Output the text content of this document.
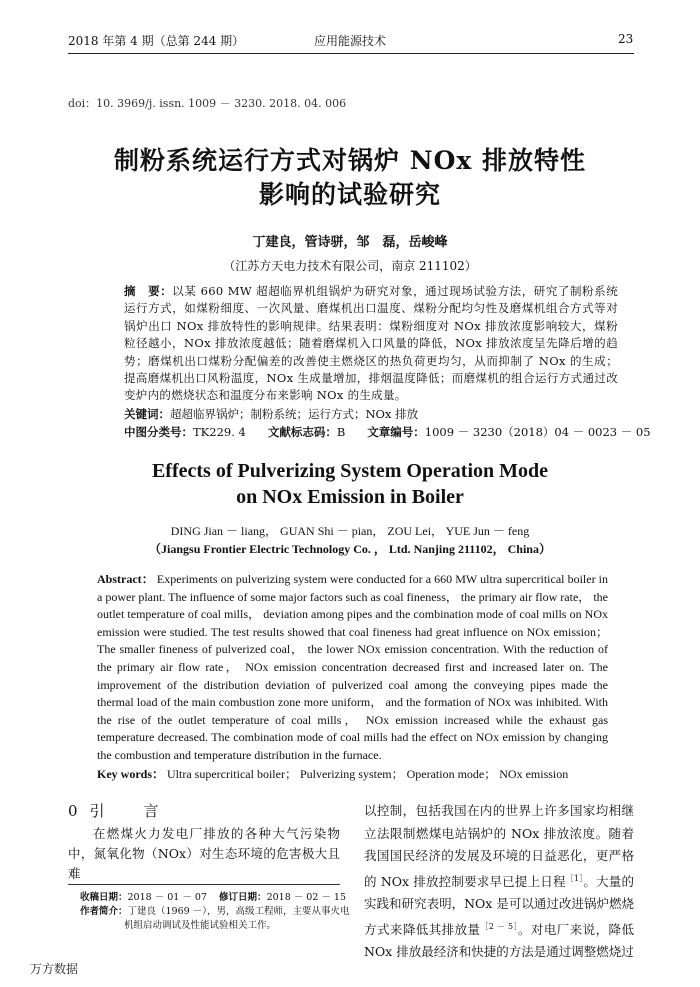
2018 年第 4 期（总第 244 期）	应用能源技术	23
doi：10. 3969/j. issn. 1009 － 3230. 2018. 04. 006
制粉系统运行方式对锅炉 NOx 排放特性
影响的试验研究
丁建良，管诗骈，邹　磊，岳峻峰
（江苏方天电力技术有限公司，南京 211102）
摘　要：以某 660 MW 超超临界机组锅炉为研究对象，通过现场试验方法，研究了制粉系统运行方式，如煤粉细度、一次风量、磨煤机出口温度、煤粉分配均匀性及磨煤机组合方式等对锅炉出口 NOx 排放特性的影响规律。结果表明：煤粉细度对 NOx 排放浓度影响较大，煤粉粒径越小，NOx 排放浓度越低；随着磨煤机入口风量的降低，NOx 排放浓度呈先降后增的趋势；磨煤机出口煤粉分配偏差的改善使主燃烧区的热负荷更均匀，从而抑制了 NOx 的生成；提高磨煤机出口风粉温度，NOx 生成量增加，排烟温度降低；而磨煤机的组合运行方式通过改变炉内的燃烧状态和温度分布来影响 NOx 的生成量。
关键词：超超临界锅炉；制粉系统；运行方式；NOx 排放
中图分类号：TK229. 4 文献标志码：B 文章编号：1009 － 3230（2018）04 － 0023 － 05
Effects of Pulverizing System Operation Mode
on NOx Emission in Boiler
DING Jian － liang， GUAN Shi － pian， ZOU Lei， YUE Jun － feng
（Jiangsu Frontier Electric Technology Co. ， Ltd. Nanjing 211102， China）
Abstract： Experiments on pulverizing system were conducted for a 660 MW ultra supercritical boiler in a power plant. The influence of some major factors such as coal fineness， the primary air flow rate， the outlet temperature of coal mills， deviation among pipes and the combination mode of coal mills on NOx emission were studied. The test results showed that coal fineness had great influence on NOx emission； The smaller fineness of pulverized coal， the lower NOx emission concentration. With the reduction of the primary air flow rate， NOx emission concentration decreased first and increased later on. The improvement of the distribution deviation of pulverized coal among the conveying pipes made the thermal load of the main combustion zone more uniform， and the formation of NOx was inhibited. With the rise of the outlet temperature of coal mills， NOx emission increased while the exhaust gas temperature decreased. The combination mode of coal mills had the effect on NOx emission by changing the combustion and temperature distribution in the furnace.
Key words： Ultra supercritical boiler； Pulverizing system； Operation mode； NOx emission
0引　言

在燃煤火力发电厂排放的各种大气污染物中，氮氧化物（NOx）对生态环境的危害极大且难

以控制，包括我国在内的世界上许多国家均相继立法限制燃煤电站锅炉的 NOx 排放浓度。随着我国国民经济的发展及环境的日益恶化，更严格的 NOx 排放控制要求早已提上日程$^{[1]}$。大量的实践和研究表明，NOx 是可以通过改进锅炉燃烧方式来降低其排放量$^{[2 - 5]}$。对电厂来说，降低 NOx 排放最经济和快捷的方法是通过调整燃烧过
收稿日期：2018 － 01 － 07 修订日期：2018 － 02 － 15
作者简介：丁建良（1969 －），男，高级工程师，主要从事火电
机组启动调试及性能试验相关工作。
万方数据
